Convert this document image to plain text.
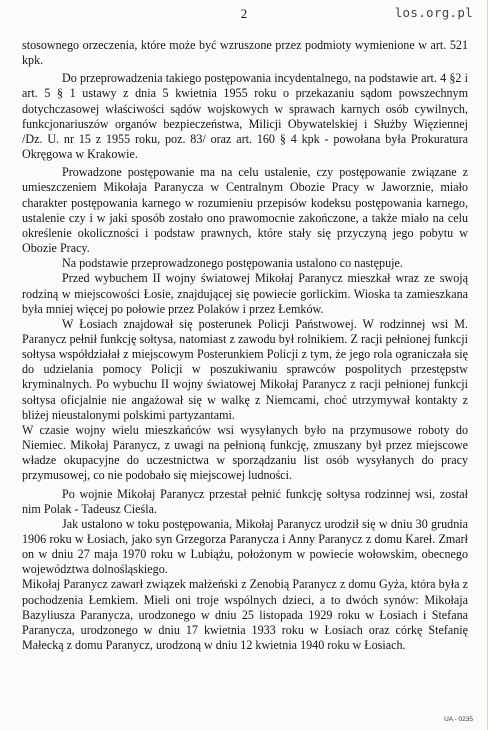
2	los.org.pl

stosownego orzeczenia, które może być wzruszone przez podmioty wymienione w art. 521 kpk.

Do przeprowadzenia takiego postępowania incydentalnego, na podstawie art. 4 §2 i art. 5 § 1 ustawy z dnia 5 kwietnia 1955 roku o przekazaniu sądom powszechnym dotychczasowej właściwości sądów wojskowych w sprawach karnych osób cywilnych, funkcjonariuszów organów bezpieczeństwa, Milicji Obywatelskiej i Służby Więziennej /Dz. U. nr 15 z 1955 roku, poz. 83/ oraz art. 160 § 4 kpk - powołana była Prokuratura Okręgowa w Krakowie.

Prowadzone postępowanie ma na celu ustalenie, czy postępowanie związane z umieszczeniem Mikołaja Paranycza w Centralnym Obozie Pracy w Jaworznie, miało charakter postępowania karnego w rozumieniu przepisów kodeksu postępowania karnego, ustalenie czy i w jaki sposób zostało ono prawomocnie zakończone, a także miało na celu określenie okoliczności i podstaw prawnych, które stały się przyczyną jego pobytu w Obozie Pracy.

Na podstawie przeprowadzonego postępowania ustalono co następuje.

Przed wybuchem II wojny światowej Mikołaj Paranycz mieszkał wraz ze swoją rodziną w miejscowości Łosie, znajdującej się powiecie gorlickim. Wioska ta zamieszkana była mniej więcej po połowie przez Polaków i przez Łemków.

W Łosiach znajdował się posterunek Policji Państwowej. W rodzinnej wsi M. Paranycz pełnił funkcję sołtysa, natomiast z zawodu był rolnikiem. Z racji pełnionej funkcji sołtysa współdziałał z miejscowym Posterunkiem Policji z tym, że jego rola ograniczała się do udzielania pomocy Policji w poszukiwaniu sprawców pospolitych przestępstw kryminalnych. Po wybuchu II wojny światowej Mikołaj Paranycz z racji pełnionej funkcji sołtysa oficjalnie nie angażował się w walkę z Niemcami, choć utrzymywał kontakty z bliżej nieustalonymi polskimi partyzantami.

W czasie wojny wielu mieszkańców wsi wysyłanych było na przymusowe roboty do Niemiec. Mikołaj Paranycz, z uwagi na pełnioną funkcję, zmuszany był przez miejscowe władze okupacyjne do uczestnictwa w sporządzaniu list osób wysyłanych do pracy przymusowej, co nie podobało się miejscowej ludności.

Po wojnie Mikołaj Paranycz przestał pełnić funkcję sołtysa rodzinnej wsi, został nim Polak - Tadeusz Cieśla.

Jak ustalono w toku postępowania, Mikołaj Paranycz urodził się w dniu 30 grudnia 1906 roku w Łosiach, jako syn Grzegorza Paranycza i Anny Paranycz z domu Kareł. Zmarł on w dniu 27 maja 1970 roku w Lubiążu, położonym w powiecie wołowskim, obecnego województwa dolnośląskiego.

Mikołaj Paranycz zawarł związek małżeński z Zenobią Paranycz z domu Gyża, która była z pochodzenia Łemkiem. Mieli oni troje wspólnych dzieci, a to dwóch synów: Mikołaja Bazyliusza Paranycza, urodzonego w dniu 25 listopada 1929 roku w Łosiach i Stefana Paranycza, urodzonego w dniu 17 kwietnia 1933 roku w Łosiach oraz córkę Stefanię Małecką z domu Paranycz, urodzoną w dniu 12 kwietnia 1940 roku w Łosiach.

UA - 0235
